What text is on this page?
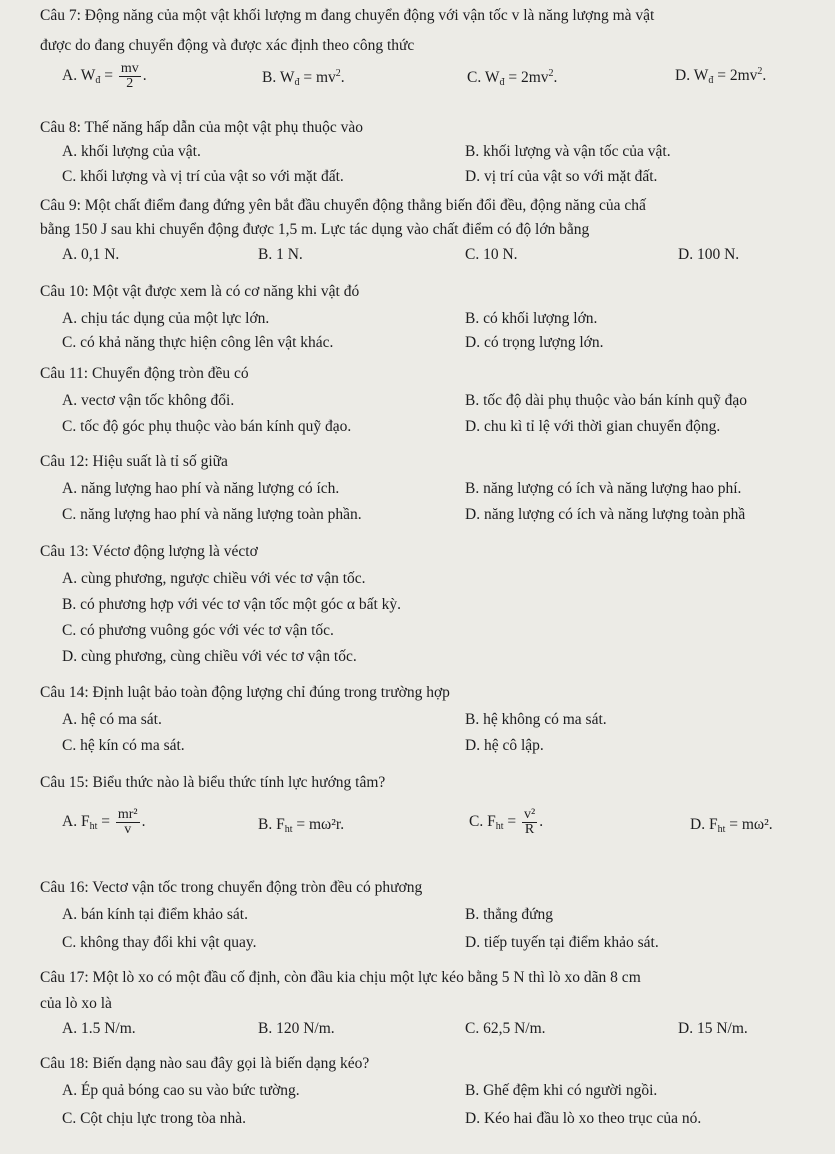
Câu 7: Động năng của một vật khối lượng m đang chuyển động với vận tốc v là năng lượng mà vật
được do đang chuyển động và được xác định theo công thức
A. $W_đ = \frac{mv}{2}$ .	B. $W_đ = mv^2$.	C. $W_đ = 2mv^2$.	D. $W_đ = 2mv^2$.
Câu 8: Thế năng hấp dẫn của một vật phụ thuộc vào
A. khối lượng của vật.	B. khối lượng và vận tốc của vật.
C. khối lượng và vị trí của vật so với mặt đất.	D. vị trí của vật so với mặt đất.
Câu 9: Một chất điểm đang đứng yên bắt đầu chuyển động thẳng biến đổi đều, động năng của chấ
bằng 150 J sau khi chuyển động được 1,5 m. Lực tác dụng vào chất điểm có độ lớn bằng
A. 0,1 N.	B. 1 N.	C. 10 N.	D. 100 N.
Câu 10: Một vật được xem là có cơ năng khi vật đó
A. chịu tác dụng của một lực lớn.	B. có khối lượng lớn.
C. có khả năng thực hiện công lên vật khác.	D. có trọng lượng lớn.
Câu 11: Chuyển động tròn đều có
A. vectơ vận tốc không đổi.	B. tốc độ dài phụ thuộc vào bán kính quỹ đạo
C. tốc độ góc phụ thuộc vào bán kính quỹ đạo.	D. chu kì tỉ lệ với thời gian chuyển động.
Câu 12: Hiệu suất là tỉ số giữa
A. năng lượng hao phí và năng lượng có ích.	B. năng lượng có ích và năng lượng hao phí.
C. năng lượng hao phí và năng lượng toàn phần.	D. năng lượng có ích và năng lượng toàn phầ
Câu 13: Véctơ động lượng là véctơ
A. cùng phương, ngược chiều với véc tơ vận tốc.
B. có phương hợp với véc tơ vận tốc một góc α bất kỳ.
C. có phương vuông góc với véc tơ vận tốc.
D. cùng phương, cùng chiều với véc tơ vận tốc.
Câu 14: Định luật bảo toàn động lượng chỉ đúng trong trường hợp
A. hệ có ma sát.	B. hệ không có ma sát.
C. hệ kín có ma sát.	D. hệ cô lập.
Câu 15: Biểu thức nào là biểu thức tính lực hướng tâm?
A. $F_{ht} = \frac{\text{mr²}}{v}$ .	B. $F_{ht} = m\omega^2r$.	C. $F_{ht} = \frac{\text{v²}}{R}$ .	D. $F_{ht} = m\omega^2$.
Câu 16: Vectơ vận tốc trong chuyển động tròn đều có phương
A. bán kính tại điểm khảo sát.	B. thẳng đứng
C. không thay đổi khi vật quay.	D. tiếp tuyến tại điểm khảo sát.
Câu 17: Một lò xo có một đầu cố định, còn đầu kia chịu một lực kéo bằng 5 N thì lò xo dãn 8 cm
của lò xo là
A. 1.5 N/m.	B. 120 N/m.	C. 62,5 N/m.	D. 15 N/m.
Câu 18: Biến dạng nào sau đây gọi là biến dạng kéo?
A. Ép quả bóng cao su vào bức tường.	B. Ghế đệm khi có người ngồi.
C. Cột chịu lực trong tòa nhà.	D. Kéo hai đầu lò xo theo trục của nó.
